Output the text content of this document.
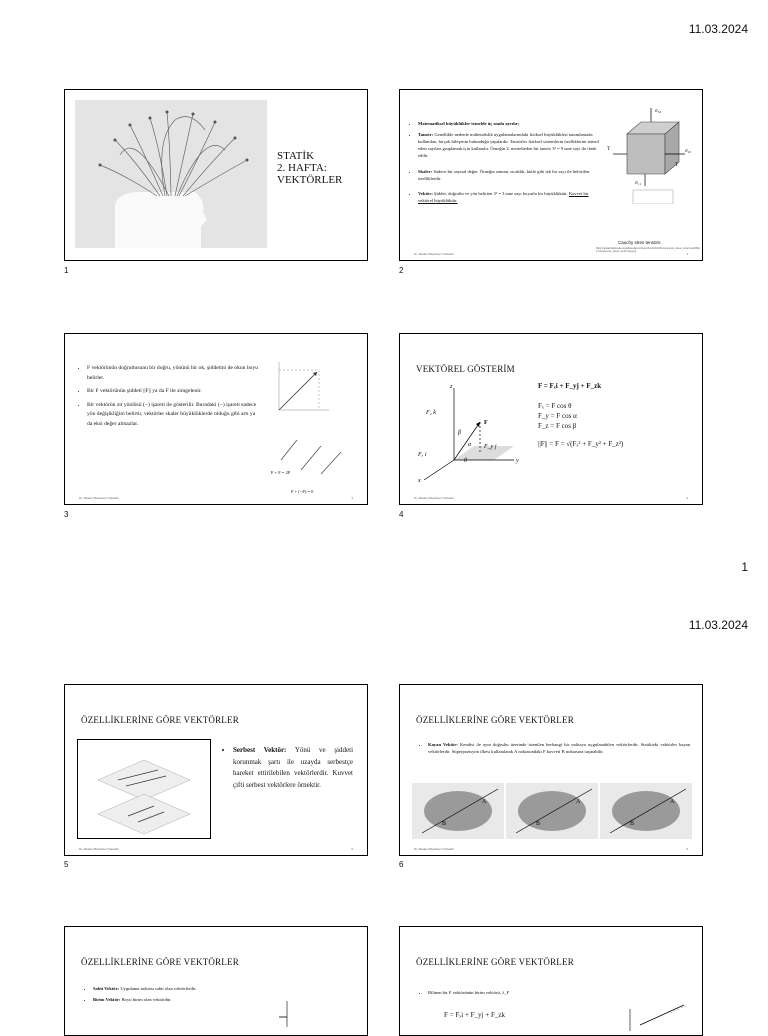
11.03.2024
STATİK
2. HAFTA:
VEKTÖRLER
1
• Matematiksel büyüklükler temelde üç sınıfa ayrılır;
• Tansör: Genellikle nedenle mühendislik uygulamalarındaki fiziksel büyüklükleri tanımlamada kullanılan, birçok bileşenin bulunduğu yapılardır. Tansörler fiziksel sistemlerin özelliklerini temsil eden sayıları gruplamak için kullanılır. Örneğin 2. mertebeden bir tansör 3² = 9 tane sayı ile ifade edilir.
• Skaler: Sadece bir sayısal değer. Örneğin zaman, sıcaklık, kütle gibi tek bir sayı ile belirtilen özelliklerdir.
• Vektör: Şiddet, doğrultu ve yön belirten 3¹ = 3 tane sayı boyutlu bir büyüklüktür. Kuvvet bir vektörel büyüklüktür.
σ₃₃
σ₂₂
T
T
σ₁₁
Cauchy stres tensörü
https://upload.wikimedia.org/wikipedia/commons/thumb/b/b3/Components_stress_tensor.svg/300px-Components_stress_tensor.svg.png
Dr. Madeni Büyüksel Yükseltir	2
2
• F vektörünün doğrultusunu bir doğru, yönünü bir ok, şiddetini de okun boyu belirler.
• Bir F vektörünün şiddeti ||F|| ya da F ile simgelenir.
• Bir vektörün zıt yönlüsü (−) işareti ile gösterilir. Buradaki (−) işareti sadece yön değişikliğini belirtir, vektörler skaler büyüklüklerde olduğu gibi artı ya da eksi değer almazlar.
F + F = 2F
F + (−F) = 0
Dr. Madeni Büyüksel Yükseltir	3
3
VEKTÖREL GÖSTERİM
z
y
x
F
F₂ k
Fₓ i
F_y j
β
α
θ
F = Fₓi + F_yj + F_zk
Fₓ = F cos θ
F_y = F cos α
F_z = F cos β
||F|| = F = √(Fₓ² + F_y² + F_z²)
Dr. Madeni Büyüksel Yükseltir	4
4
1
11.03.2024
ÖZELLİKLERİNE GÖRE VEKTÖRLER
• Serbest Vektör: Yönü ve şiddeti korunmak şartı ile uzayda serbestçe hareket ettirilebilen vektörlerdir. Kuvvet çifti serbest vektörlere örnektir.
Dr. Madeni Büyüksel Yükseltir	5
5
ÖZELLİKLERİNE GÖRE VEKTÖRLER
• Kayan Vektör: Kendisi ile aynı doğrultu üzerinde istenilen herhangi bir noktaya uygulanabilen vektörlerdir. Statikteki vektörler kayan vektörlerdir. Süperpozisyon ilkesi kullanılarak A noktasındaki F kuvveti B noktasına taşınabilir.
A
B
A
B
A
B
Dr. Madeni Büyüksel Yükseltir	6
6
ÖZELLİKLERİNE GÖRE VEKTÖRLER
• Sabit Vektör: Uygulama noktası sabit olan vektörlerdir.
• Birim Vektör: Boyu birim olan vektördür.
ÖZELLİKLERİNE GÖRE VEKTÖRLER
• Bilinen bir F vektörünün birim vektörü, λ_F
F = Fₓi + F_yj + F_zk
